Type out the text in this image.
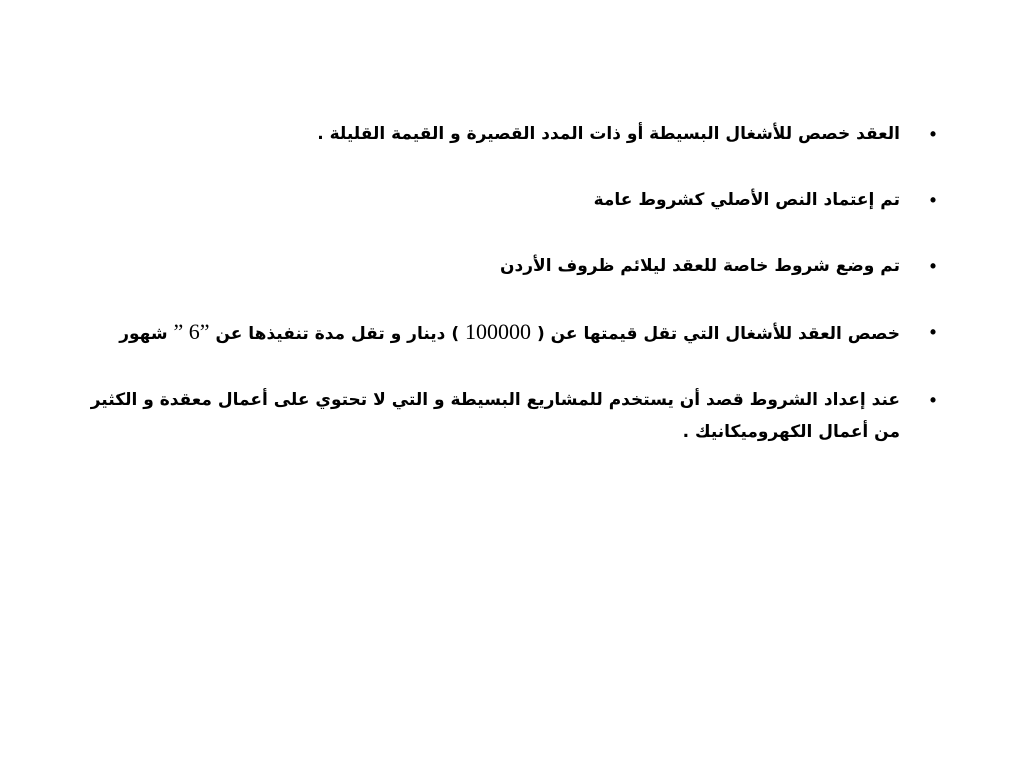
•
العقد خصص للأشغال البسيطة أو ذات المدد القصيرة و القيمة القليلة .
•
تم إعتماد النص الأصلي كشروط عامة
•
تم وضع شروط خاصة للعقد ليلائم ظروف الأردن
•
خصص العقد للأشغال التي تقل قيمتها عن ( 100000 ) دينار و تقل مدة تنفيذها عن ”6 ” شهور
•
عند إعداد الشروط قصد أن يستخدم للمشاريع البسيطة و التي لا تحتوي على أعمال معقدة و الكثير من أعمال الكهروميكانيك .
